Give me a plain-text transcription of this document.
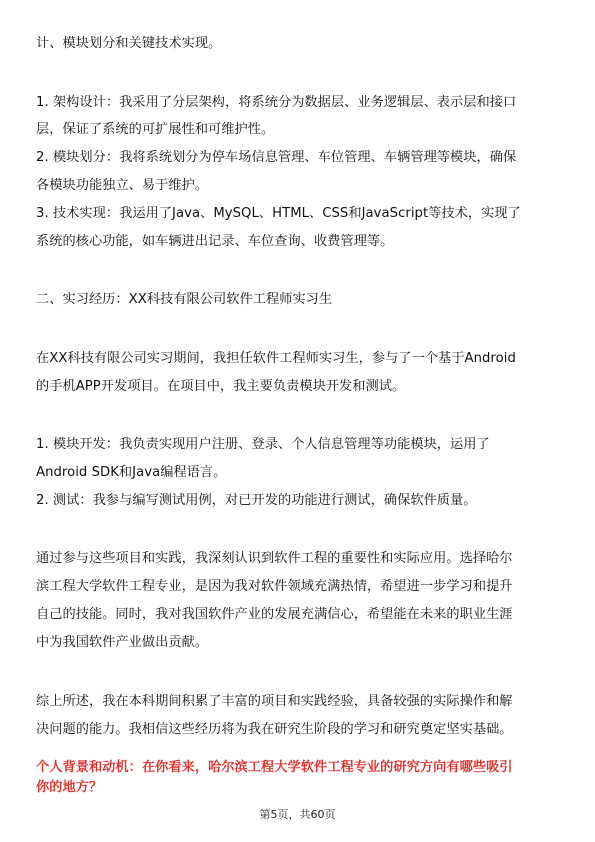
计、模块划分和关键技术实现。
1. 架构设计：我采用了分层架构，将系统分为数据层、业务逻辑层、表示层和接口
层，保证了系统的可扩展性和可维护性。
2. 模块划分：我将系统划分为停车场信息管理、车位管理、车辆管理等模块，确保
各模块功能独立、易于维护。
3. 技术实现：我运用了Java、MySQL、HTML、CSS和JavaScript等技术，实现了
系统的核心功能，如车辆进出记录、车位查询、收费管理等。
二、实习经历：XX科技有限公司软件工程师实习生
在XX科技有限公司实习期间，我担任软件工程师实习生，参与了一个基于Android
的手机APP开发项目。在项目中，我主要负责模块开发和测试。
1. 模块开发：我负责实现用户注册、登录、个人信息管理等功能模块，运用了
Android SDK和Java编程语言。
2. 测试：我参与编写测试用例，对已开发的功能进行测试，确保软件质量。
通过参与这些项目和实践，我深刻认识到软件工程的重要性和实际应用。选择哈尔
滨工程大学软件工程专业，是因为我对软件领域充满热情，希望进一步学习和提升
自己的技能。同时，我对我国软件产业的发展充满信心，希望能在未来的职业生涯
中为我国软件产业做出贡献。
综上所述，我在本科期间积累了丰富的项目和实践经验，具备较强的实际操作和解
决问题的能力。我相信这些经历将为我在研究生阶段的学习和研究奠定坚实基础。
个人背景和动机：在你看来，哈尔滨工程大学软件工程专业的研究方向有哪些吸引
你的地方？
第5页，共60页
